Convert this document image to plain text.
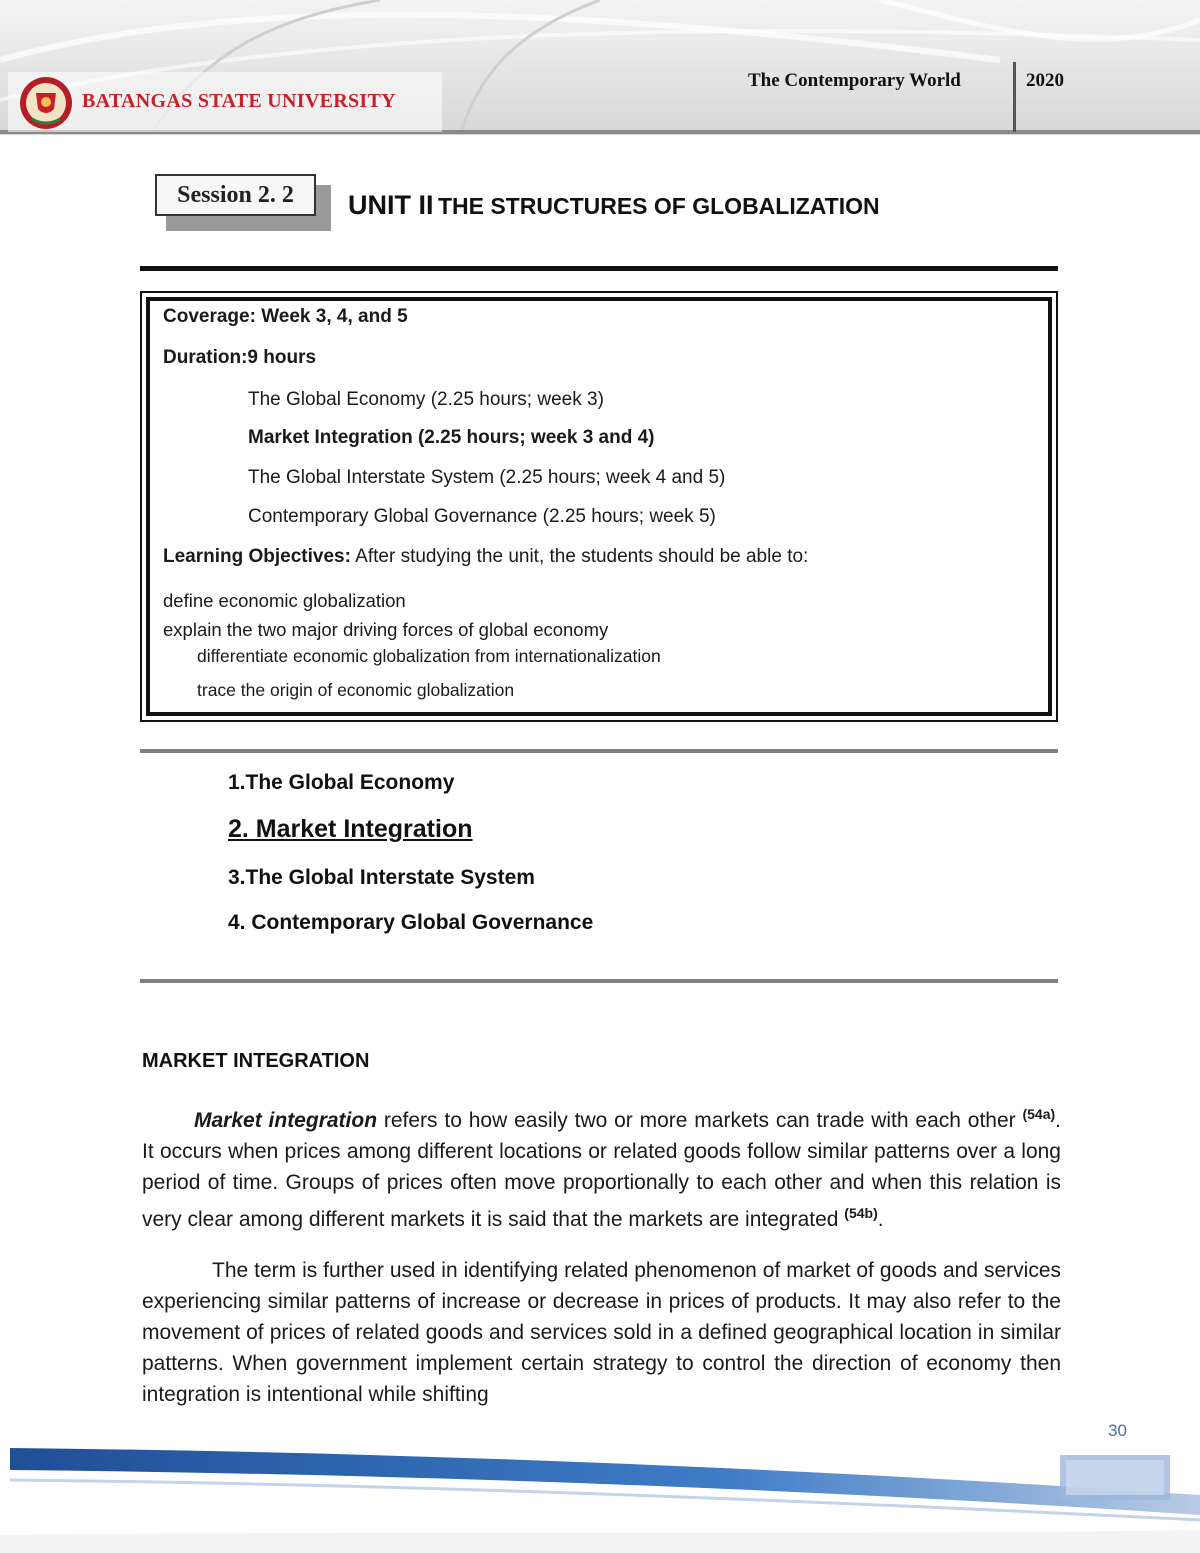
BATANGAS STATE UNIVERSITY
The Contemporary World	2020
Session 2. 2	UNIT II THE STRUCTURES OF GLOBALIZATION
Coverage: Week 3, 4, and 5
Duration:9 hours
The Global Economy (2.25 hours; week 3)
Market Integration (2.25 hours; week 3 and 4)
The Global Interstate System (2.25 hours; week 4 and 5)
Contemporary Global Governance (2.25 hours; week 5)
Learning Objectives: After studying the unit, the students should be able to:
define economic globalization
explain the two major driving forces of global economy
differentiate economic globalization from internationalization
trace the origin of economic globalization
1.The Global Economy
2. Market Integration
3.The Global Interstate System
4. Contemporary Global Governance
MARKET INTEGRATION
Market integration refers to how easily two or more markets can trade with each other $^{(54a)}$. It occurs when prices among different locations or related goods follow similar patterns over a long period of time. Groups of prices often move proportionally to each other and when this relation is very clear among different markets it is said that the markets are integrated $^{(54b)}$.
The term is further used in identifying related phenomenon of market of goods and services experiencing similar patterns of increase or decrease in prices of products. It may also refer to the movement of prices of related goods and services sold in a defined geographical location in similar patterns. When government implement certain strategy to control the direction of economy then integration is intentional while shifting
30
